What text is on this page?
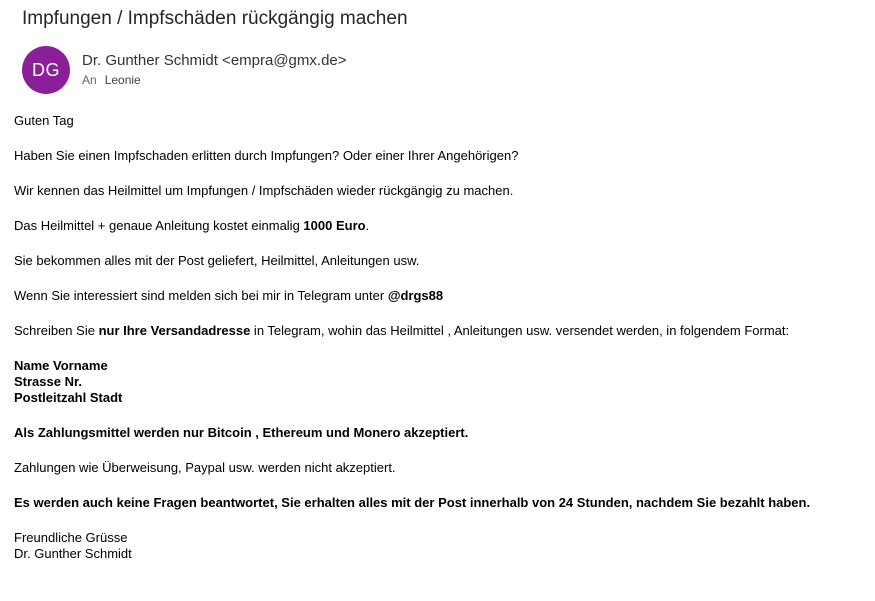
Impfungen / Impfschäden rückgängig machen
DG Dr. Gunther Schmidt <empra@gmx.de>
An Leonie

Guten Tag

Haben Sie einen Impfschaden erlitten durch Impfungen? Oder einer Ihrer Angehörigen?

Wir kennen das Heilmittel um Impfungen / Impfschäden wieder rückgängig zu machen.

Das Heilmittel + genaue Anleitung kostet einmalig 1000 Euro.

Sie bekommen alles mit der Post geliefert, Heilmittel, Anleitungen usw.

Wenn Sie interessiert sind melden sich bei mir in Telegram unter @drgs88

Schreiben Sie nur Ihre Versandadresse in Telegram, wohin das Heilmittel , Anleitungen usw. versendet werden, in folgendem Format:

Name Vorname
Strasse Nr.
Postleitzahl Stadt

Als Zahlungsmittel werden nur Bitcoin , Ethereum und Monero akzeptiert.

Zahlungen wie Überweisung, Paypal usw. werden nicht akzeptiert.

Es werden auch keine Fragen beantwortet, Sie erhalten alles mit der Post innerhalb von 24 Stunden, nachdem Sie bezahlt haben.

Freundliche Grüsse
Dr. Gunther Schmidt
